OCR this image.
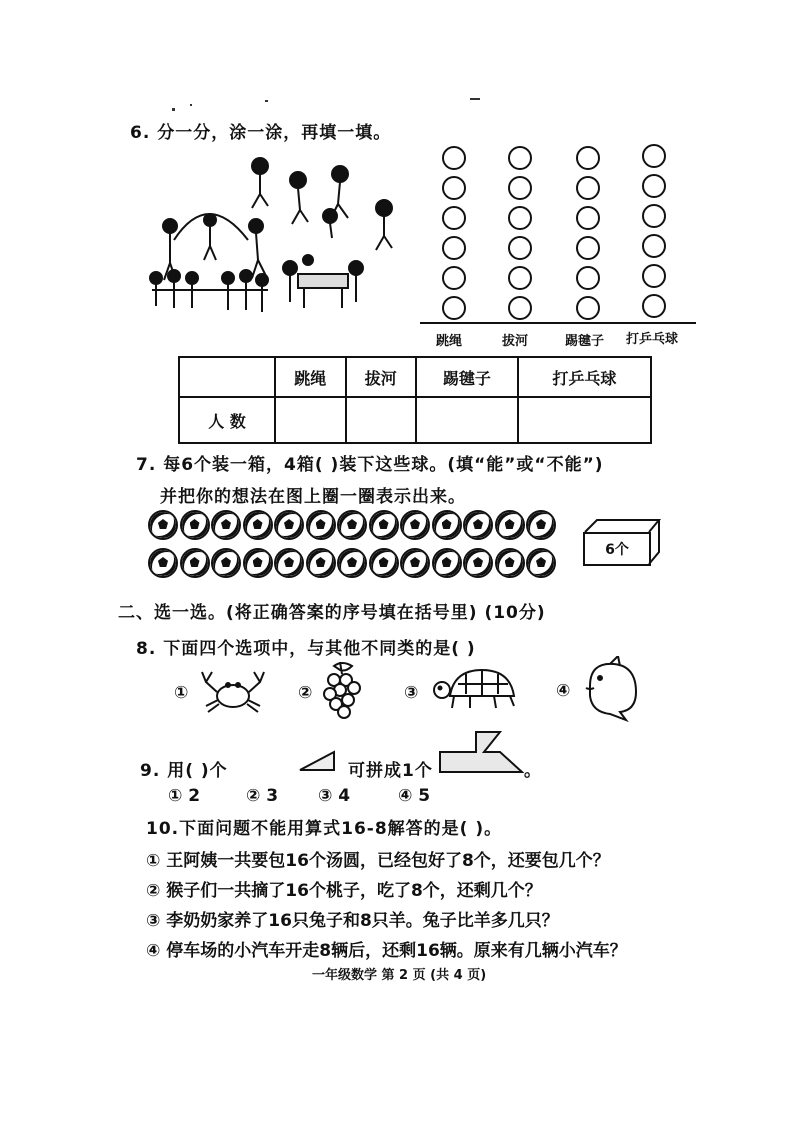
6. 分一分，涂一涂，再填一填。
跳绳	拔河	踢毽子 打乒乓球
	跳绳	拔河	踢毽子	打乒乓球
人 数				
7. 每6个装一箱，4箱( )装下这些球。(填“能”或“不能”)
并把你的想法在图上圈一圈表示出来。
6个
二、选一选。(将正确答案的序号填在括号里) (10分)
8. 下面四个选项中，与其他不同类的是( )
①	②	③	④
9. 用( )个	可拼成1个	。
① 2	② 3 ③ 4	④ 5
10.下面问题不能用算式16-8解答的是( )。
① 王阿姨一共要包16个汤圆，已经包好了8个，还要包几个？
② 猴子们一共摘了16个桃子，吃了8个，还剩几个？
③ 李奶奶家养了16只兔子和8只羊。兔子比羊多几只？
④ 停车场的小汽车开走8辆后，还剩16辆。原来有几辆小汽车？
一年级数学 第 2 页 (共 4 页)
